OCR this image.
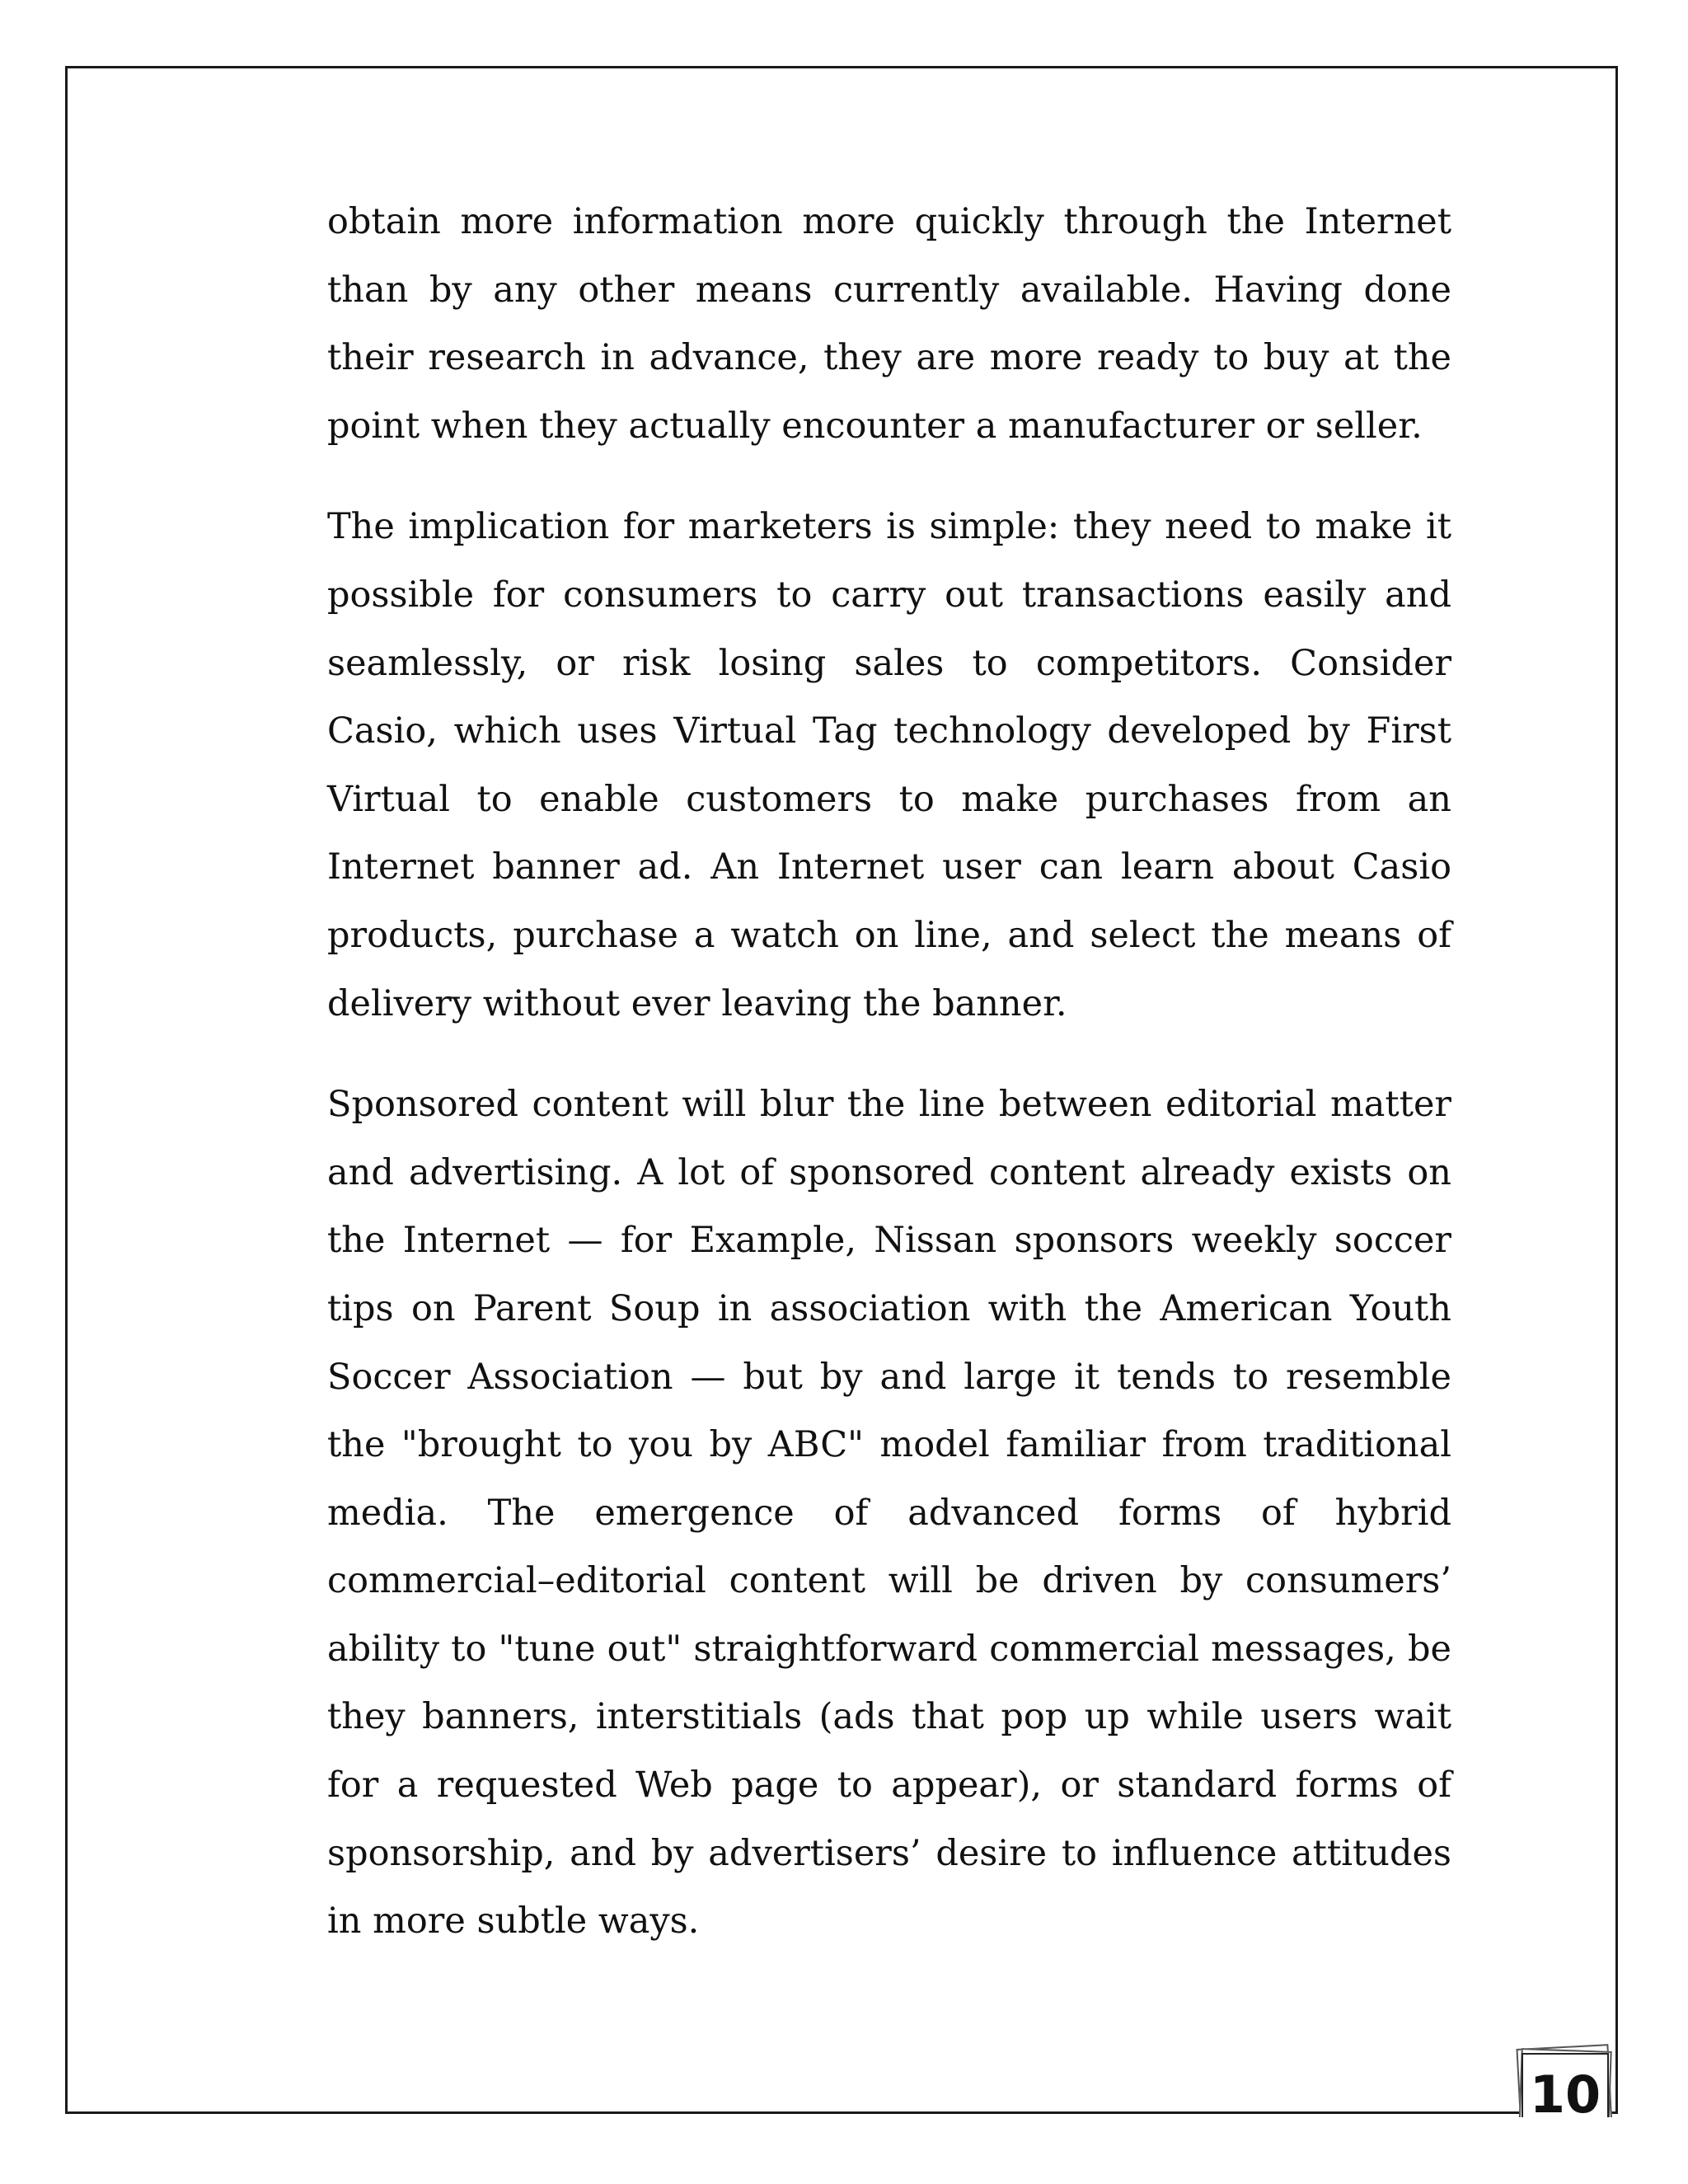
obtain more information more quickly through the Internet than by any other means currently available. Having done their research in advance, they are more ready to buy at the point when they actually encounter a manufacturer or seller.

The implication for marketers is simple: they need to make it possible for consumers to carry out transactions easily and seamlessly, or risk losing sales to competitors. Consider Casio, which uses Virtual Tag technology developed by First Virtual to enable customers to make purchases from an Internet banner ad. An Internet user can learn about Casio products, purchase a watch on line, and select the means of delivery without ever leaving the banner.

Sponsored content will blur the line between editorial matter and advertising. A lot of sponsored content already exists on the Internet — for Example, Nissan sponsors weekly soccer tips on Parent Soup in association with the American Youth Soccer Association — but by and large it tends to resemble the "brought to you by ABC" model familiar from traditional media. The emergence of advanced forms of hybrid commercial–editorial content will be driven by consumers’ ability to "tune out" straightforward commercial messages, be they banners, interstitials (ads that pop up while users wait for a requested Web page to appear), or standard forms of sponsorship, and by advertisers’ desire to influence attitudes in more subtle ways.

10
